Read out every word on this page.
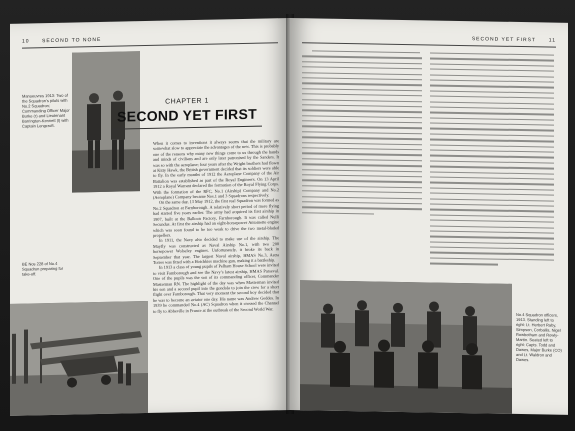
10 SECOND TO NONE
Manoeuvres 1913: Two of the Squadron’s pilots with No.2 Squadron; Commanding Officer Major Burke (r) and Lieutenant Barrington-Kennett (l) with Captain Longcroft.
CHAPTER 1
SECOND YET FIRST
BE Nos 228 of No.4 Squadron preparing for take-off.

When it comes to inventions it always seems that the military are somewhat slow to appreciate the advantages of the new. This is probably one of the reasons why many new things come to us through the hands and minds of civilians and are only later patronised by the Sanders. It was so with the aeroplane; four years after the Wright brothers had flown at Kitty Hawk, the British government decided that its soldiers were able to fly. In the early months of 1912 the Aeroplane Company of the Air Battalion was established as part of the Royal Engineers. On 13 April 1912 a Royal Warrant declared the formation of the Royal Flying Corps. With the formation of the RFC, No.1 (Airship) Company and No.2 (Aeroplane) Company became Nos.1 and 3 Squadrons respectively.

On the same day, 13 May 1912, the first real Squadron was formed as No.2 Squadron at Farnborough. A relatively short period of more flying had started five years earlier. The army had acquired its first airship in 1907, built at the Balloon Factory, Farnborough. It was called Nulli Secundus. At first the airship had an eight-horsepower Antoinette engine which was soon found to be too weak to drive the two metal-bladed propellers.

In 1911, the Navy also decided to make use of the airship. The Mayfly was constructed as Naval Airship No.1, with two 200 horsepower Wolseley engines. Unfortunately, it broke its back in September that year. The largest Naval airship, HMAS No.3, Astra Torres was fitted with a Hotchkiss machine gun, making it a battleship.

In 1913 a class of young pupils of Pelham House School were invited to visit Farnborough and see the Navy’s latest airship, HMAS Parseval. One of the pupils was the son of its commanding officer, Commander Masterman RN. The highlight of the day was when Masterman invited his son and a second pupil into the gondola to join the crew for a short flight over Farnborough. That very moment the second boy decided that he was to become an aviator one day. His name was Andrew Geddes. In 1939 he commanded No.4 (AC) Squadron when it crossed the Channel to fly to Abbeville in France at the outbreak of the Second World War.

SECOND YET FIRST	11
No.4 Squadron officers, 1913. Standing left to right: Lt. Herbert Raby, Simpson, Corballis, Nigel Rowbotham and Rowly-Martin. Seated left to right: Capts. Todd and Dawes, Major Burke (CO) and Lt. Waldron and Dawes.
